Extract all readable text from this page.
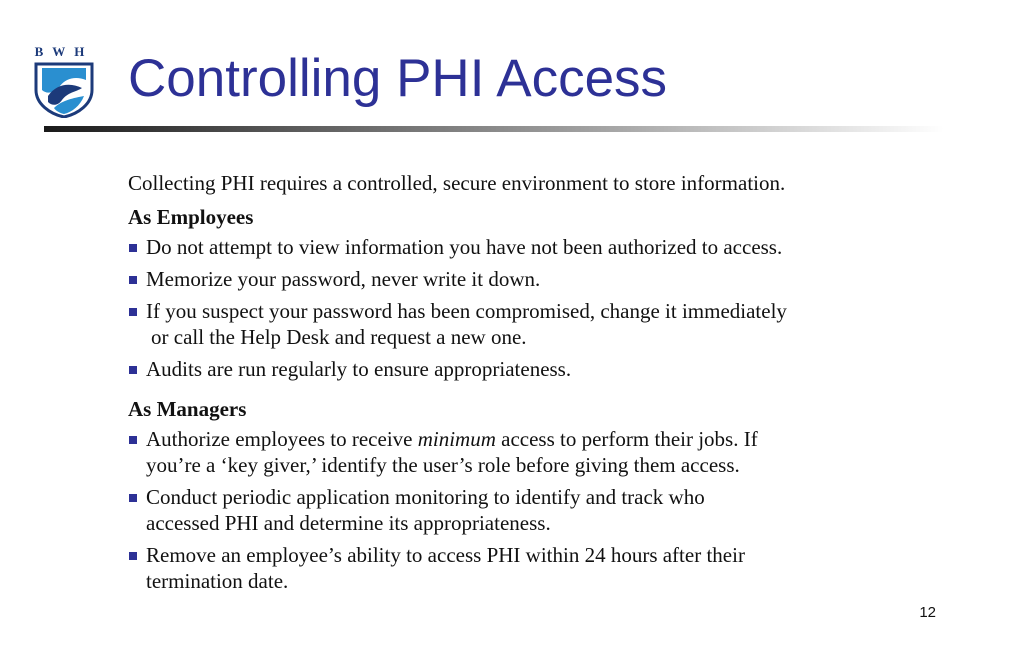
BWH Controlling PHI Access
Collecting PHI requires a controlled, secure environment to store information.
As Employees
Do not attempt to view information you have not been authorized to access.
Memorize your password, never write it down.
If you suspect your password has been compromised, change it immediately
or call the Help Desk and request a new one.
Audits are run regularly to ensure appropriateness.
As Managers
Authorize employees to receive minimum access to perform their jobs. If
you’re a ‘key giver,’ identify the user’s role before giving them access.
Conduct periodic application monitoring to identify and track who
accessed PHI and determine its appropriateness.
Remove an employee’s ability to access PHI within 24 hours after their
termination date.
12
